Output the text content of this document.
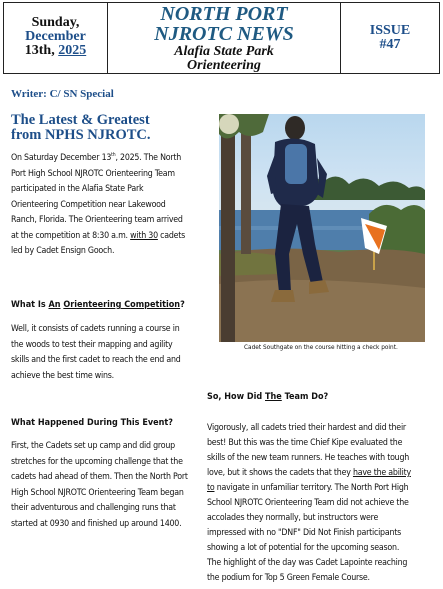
Sunday,
December
13th, 2025
NORTH PORT
NJROTC NEWS
Alafia State Park
Orienteering
ISSUE
#47
Writer: C/ SN Special
The Latest & Greatest
from NPHS NJROTC.
On Saturday December 13th, 2025. The North Port High School NJROTC Orienteering Team participated in the Alafia State Park Orienteering Competition near Lakewood Ranch, Florida. The Orienteering team arrived at the competition at 8:30 a.m. with 30 cadets led by Cadet Ensign Gooch.
What Is An Orienteering Competition?
Well, it consists of cadets running a course in the woods to test their mapping and agility skills and the first cadet to reach the end and achieve the best time wins.
What Happened During This Event?
First, the Cadets set up camp and did group stretches for the upcoming challenge that the cadets had ahead of them. Then the North Port High School NJROTC Orienteering Team began their adventurous and challenging runs that started at 0930 and finished up around 1400.
Cadet Southgate on the course hitting a check point.
So, How Did The Team Do?
Vigorously, all cadets tried their hardest and did their best! But this was the time Chief Kipe evaluated the skills of the new team runners. He teaches with tough love, but it shows the cadets that they have the ability to navigate in unfamiliar territory. The North Port High School NJROTC Orienteering Team did not achieve the accolades they normally, but instructors were impressed with no "DNF" Did Not Finish participants showing a lot of potential for the upcoming season. The highlight of the day was Cadet Lapointe reaching the podium for Top 5 Green Female Course.
